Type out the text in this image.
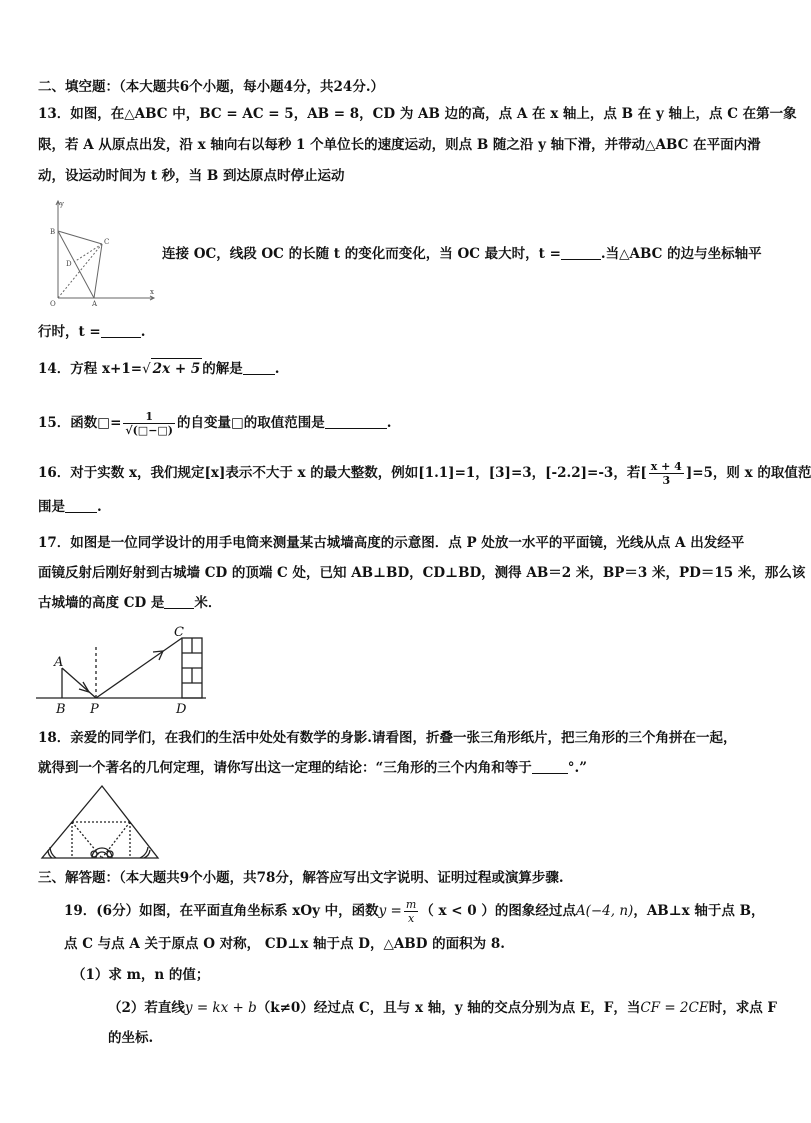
二、填空题：（本大题共6个小题，每小题4分，共24分.）
13．如图，在△ABC 中，BC = AC = 5，AB = 8，CD 为 AB 边的高，点 A 在 x 轴上，点 B 在 y 轴上，点 C 在第一象
限，若 A 从原点出发，沿 x 轴向右以每秒 1 个单位长的速度运动，则点 B 随之沿 y 轴下滑，并带动△ABC 在平面内滑
动，设运动时间为 t 秒，当 B 到达原点时停止运动
y
B
C
D
O	A
x
连接 OC，线段 OC 的长随 t 的变化而变化，当 OC 最大时，t =	.当△ABC 的边与坐标轴平
行时，t =	.
14．方程 x+1=√ 2x + 5 的解是 .
15．函数□= $\frac{1}{√(□-□)}$ 的自变量□的取值范围是	.
16．对于实数 x，我们规定[x]表示不大于 x 的最大整数，例如[1.1]=1，[3]=3，[-2.2]=-3，若[ $\frac{x + 4}{3} ]=5$，则 x 的取值范
围是 .
17．如图是一位同学设计的用手电筒来测量某古城墙高度的示意图．点 P 处放一水平的平面镜，光线从点 A 出发经平
面镜反射后刚好射到古城墙 CD 的顶端 C 处，已知 AB⊥BD，CD⊥BD，测得 AB＝2 米，BP＝3 米，PD＝15 米，那么该
古城墙的高度 CD 是 米．
A
B P
C
D
18．亲爱的同学们，在我们的生活中处处有数学的身影.请看图，折叠一张三角形纸片，把三角形的三个角拼在一起，
就得到一个著名的几何定理，请你写出这一定理的结论：“三角形的三个内角和等于	°.”
三、解答题：（本大题共9个小题，共78分，解答应写出文字说明、证明过程或演算步骤.
19．(6分）如图，在平面直角坐标系 xOy 中，函数$y = \frac{m}{x}$ （ x < 0 ）的图象经过点A(−4, n)，AB⊥x 轴于点 B，
点 C 与点 A 关于原点 O 对称， CD⊥x 轴于点 D，△ABD 的面积为 8.
（1）求 m，n 的值；
（2）若直线y = kx + b（k≠0）经过点 C，且与 x 轴，y 轴的交点分别为点 E，F，当CF = 2CE时，求点 F
的坐标.
